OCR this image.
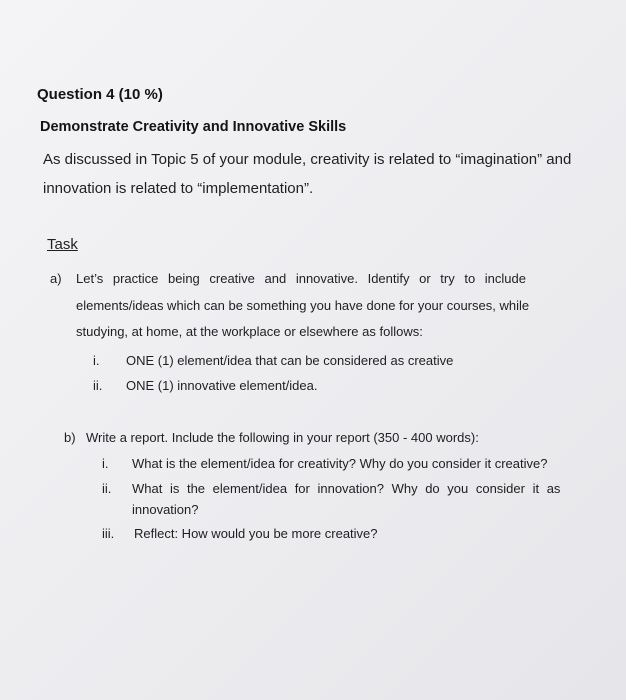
Question 4 (10 %)
Demonstrate Creativity and Innovative Skills
As discussed in Topic 5 of your module, creativity is related to “imagination” and
innovation is related to “implementation”.
Task
a) Let’s practice being creative and innovative. Identify or try to include
elements/ideas which can be something you have done for your courses, while
studying, at home, at the workplace or elsewhere as follows:
i. ONE (1) element/idea that can be considered as creative
ii. ONE (1) innovative element/idea.
b) Write a report. Include the following in your report (350 - 400 words):
i. What is the element/idea for creativity? Why do you consider it creative?
ii. What is the element/idea for innovation? Why do you consider it as
innovation?
iii. Reflect: How would you be more creative?
